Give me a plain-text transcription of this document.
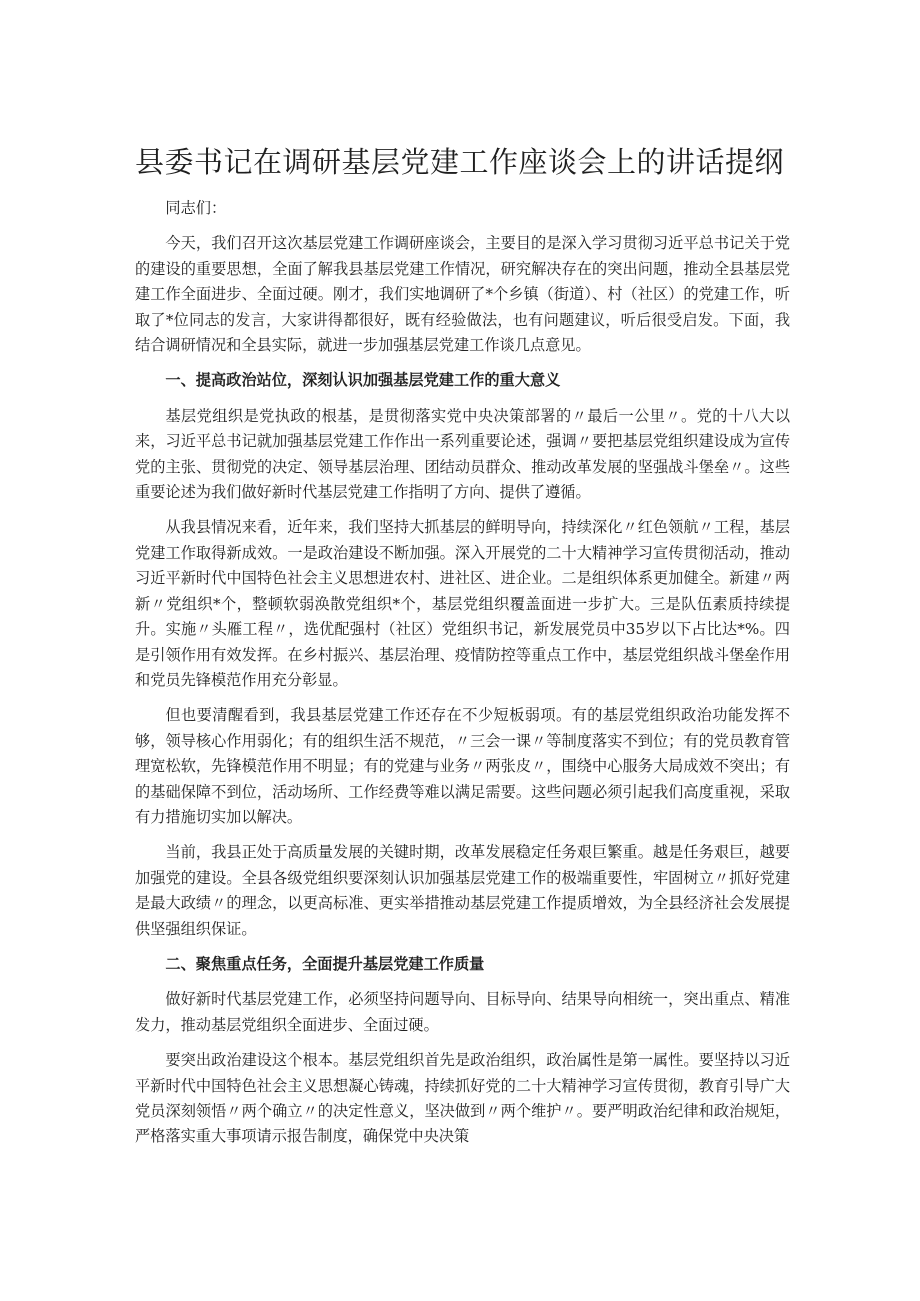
县委书记在调研基层党建工作座谈会上的讲话提纲

同志们：

今天，我们召开这次基层党建工作调研座谈会，主要目的是深入学习贯彻习近平总书记关于党的建设的重要思想，全面了解我县基层党建工作情况，研究解决存在的突出问题，推动全县基层党建工作全面进步、全面过硬。刚才，我们实地调研了*个乡镇（街道）、村（社区）的党建工作，听取了*位同志的发言，大家讲得都很好，既有经验做法，也有问题建议，听后很受启发。下面，我结合调研情况和全县实际，就进一步加强基层党建工作谈几点意见。

一、提高政治站位，深刻认识加强基层党建工作的重大意义

基层党组织是党执政的根基，是贯彻落实党中央决策部署的〃最后一公里〃。党的十八大以来，习近平总书记就加强基层党建工作作出一系列重要论述，强调〃要把基层党组织建设成为宣传党的主张、贯彻党的决定、领导基层治理、团结动员群众、推动改革发展的坚强战斗堡垒〃。这些重要论述为我们做好新时代基层党建工作指明了方向、提供了遵循。

从我县情况来看，近年来，我们坚持大抓基层的鲜明导向，持续深化〃红色领航〃工程，基层党建工作取得新成效。一是政治建设不断加强。深入开展党的二十大精神学习宣传贯彻活动，推动习近平新时代中国特色社会主义思想进农村、进社区、进企业。二是组织体系更加健全。新建〃两新〃党组织*个，整顿软弱涣散党组织*个，基层党组织覆盖面进一步扩大。三是队伍素质持续提升。实施〃头雁工程〃，选优配强村（社区）党组织书记，新发展党员中35岁以下占比达*%。四是引领作用有效发挥。在乡村振兴、基层治理、疫情防控等重点工作中，基层党组织战斗堡垒作用和党员先锋模范作用充分彰显。

但也要清醒看到，我县基层党建工作还存在不少短板弱项。有的基层党组织政治功能发挥不够，领导核心作用弱化；有的组织生活不规范，〃三会一课〃等制度落实不到位；有的党员教育管理宽松软，先锋模范作用不明显；有的党建与业务〃两张皮〃，围绕中心服务大局成效不突出；有的基础保障不到位，活动场所、工作经费等难以满足需要。这些问题必须引起我们高度重视，采取有力措施切实加以解决。

当前，我县正处于高质量发展的关键时期，改革发展稳定任务艰巨繁重。越是任务艰巨，越要加强党的建设。全县各级党组织要深刻认识加强基层党建工作的极端重要性，牢固树立〃抓好党建是最大政绩〃的理念，以更高标准、更实举措推动基层党建工作提质增效，为全县经济社会发展提供坚强组织保证。

二、聚焦重点任务，全面提升基层党建工作质量

做好新时代基层党建工作，必须坚持问题导向、目标导向、结果导向相统一，突出重点、精准发力，推动基层党组织全面进步、全面过硬。

要突出政治建设这个根本。基层党组织首先是政治组织，政治属性是第一属性。要坚持以习近平新时代中国特色社会主义思想凝心铸魂，持续抓好党的二十大精神学习宣传贯彻，教育引导广大党员深刻领悟〃两个确立〃的决定性意义，坚决做到〃两个维护〃。要严明政治纪律和政治规矩，严格落实重大事项请示报告制度，确保党中央决策
